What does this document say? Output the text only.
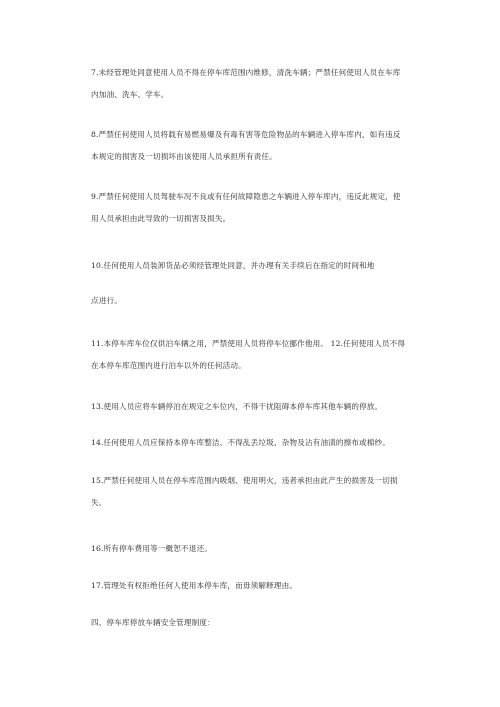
7.未经管理处同意使用人员不得在停车库范围内维修，清洗车辆；严禁任何使用人员在车库
内加油、洗车、学车。
8.严禁任何使用人员将载有易燃易爆及有毒有害等危险物品的车辆进入停车库内，如有违反
本规定的损害及一切损坏由该使用人员承担所有责任。
9.严禁任何使用人员驾驶车况不良或有任何故障隐患之车辆进入停车库内，违反此规定，使
用人员承担由此导致的一切损害及损失。
10.任何使用人员装卸货品必须经管理处同意，并办理有关手续后在指定的时间和地
点进行。
11.本停车库车位仅供泊车辆之用，严禁使用人员将停车位挪作他用。 12.任何使用人员不得
在本停车库范围内进行泊车以外的任何活动。
13.使用人员应将车辆停泊在规定之车位内，不得干扰阻碍本停车库其他车辆的停放。
14.任何使用人员应保持本停车库整洁、不得乱丢垃圾、杂物及沾有油渍的擦布或棉纱。
15.严禁任何使用人员在停车库范围内吸烟、使用明火，违者承担由此产生的损害及一切损
失。
16.所有停车费用等一概恕不退还。
17.管理处有权拒绝任何人使用本停车库，而毋须解释理由。
四、停车库停放车辆安全管理制度：
